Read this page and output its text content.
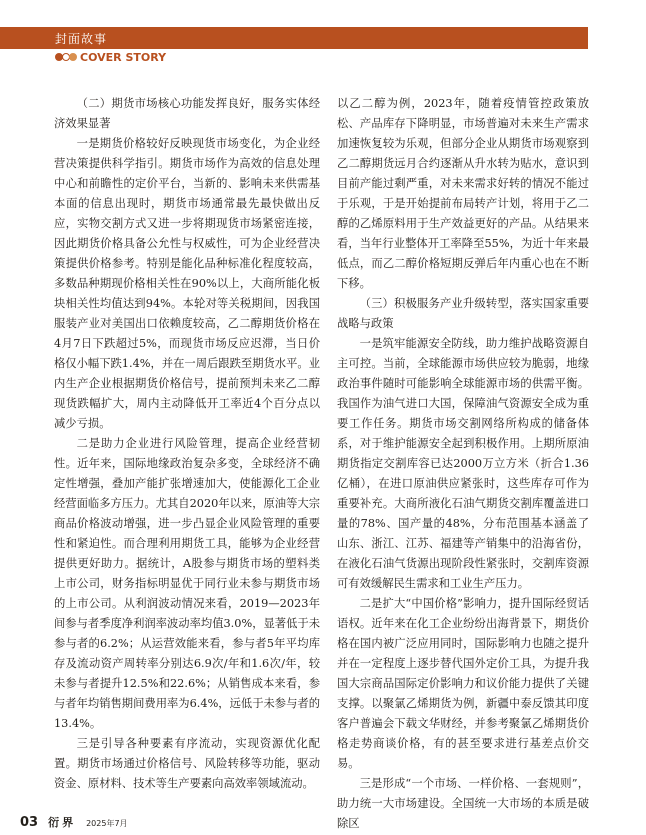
封面故事
COVER STORY

（二）期货市场核心功能发挥良好，服务实体经济效果显著

一是期货价格较好反映现货市场变化，为企业经营决策提供科学指引。期货市场作为高效的信息处理中心和前瞻性的定价平台，当新的、影响未来供需基本面的信息出现时，期货市场通常最先最快做出反应，实物交割方式又进一步将期现货市场紧密连接，因此期货价格具备公允性与权威性，可为企业经营决策提供价格参考。特别是能化品种标准化程度较高，多数品种期现价格相关性在90%以上，大商所能化板块相关性均值达到94%。本轮对等关税期间，因我国服装产业对美国出口依赖度较高，乙二醇期货价格在4月7日下跌超过5%，而现货市场反应迟滞，当日价格仅小幅下跌1.4%，并在一周后跟跌至期货水平。业内生产企业根据期货价格信号，提前预判未来乙二醇现货跌幅扩大，周内主动降低开工率近4个百分点以减少亏损。

二是助力企业进行风险管理，提高企业经营韧性。近年来，国际地缘政治复杂多变，全球经济不确定性增强，叠加产能扩张增速加大，使能源化工企业经营面临多方压力。尤其自2020年以来，原油等大宗商品价格波动增强，进一步凸显企业风险管理的重要性和紧迫性。而合理利用期货工具，能够为企业经营提供更好助力。据统计，A股参与期货市场的塑料类上市公司，财务指标明显优于同行业未参与期货市场的上市公司。从利润波动情况来看，2019—2023年间参与者季度净利润率波动率均值3.0%，显著低于未参与者的6.2%；从运营效能来看，参与者5年平均库存及流动资产周转率分别达6.9次/年和1.6次/年，较未参与者提升12.5%和22.6%；从销售成本来看，参与者年均销售期间费用率为6.4%，远低于未参与者的13.4%。

三是引导各种要素有序流动，实现资源优化配置。期货市场通过价格信号、风险转移等功能，驱动资金、原材料、技术等生产要素向高效率领域流动。

以乙二醇为例，2023年，随着疫情管控政策放松、产品库存下降明显，市场普遍对未来生产需求加速恢复较为乐观，但部分企业从期货市场观察到乙二醇期货远月合约逐渐从升水转为贴水，意识到目前产能过剩严重，对未来需求好转的情况不能过于乐观，于是开始提前布局转产计划，将用于乙二醇的乙烯原料用于生产效益更好的产品。从结果来看，当年行业整体开工率降至55%，为近十年来最低点，而乙二醇价格短期反弹后年内重心也在不断下移。

（三）积极服务产业升级转型，落实国家重要战略与政策

一是筑牢能源安全防线，助力维护战略资源自主可控。当前，全球能源市场供应较为脆弱，地缘政治事件随时可能影响全球能源市场的供需平衡。我国作为油气进口大国，保障油气资源安全成为重要工作任务。期货市场交割网络所构成的储备体系，对于维护能源安全起到积极作用。上期所原油期货指定交割库容已达2000万立方米（折合1.36亿桶），在进口原油供应紧张时，这些库存可作为重要补充。大商所液化石油气期货交割库覆盖进口量的78%、国产量的48%，分布范围基本涵盖了山东、浙江、江苏、福建等产销集中的沿海省份，在液化石油气货源出现阶段性紧张时，交割库资源可有效缓解民生需求和工业生产压力。

二是扩大“中国价格”影响力，提升国际经贸话语权。近年来在化工企业纷纷出海背景下，期货价格在国内被广泛应用同时，国际影响力也随之提升并在一定程度上逐步替代国外定价工具，为提升我国大宗商品国际定价影响力和议价能力提供了关键支撑。以聚氯乙烯期货为例，新疆中泰反馈其印度客户普遍会下载文华财经，并参考聚氯乙烯期货价格走势商谈价格，有的甚至要求进行基差点价交易。

三是形成“一个市场、一样价格、一套规则”，助力统一大市场建设。全国统一大市场的本质是破除区

03 衍界 2025年7月
